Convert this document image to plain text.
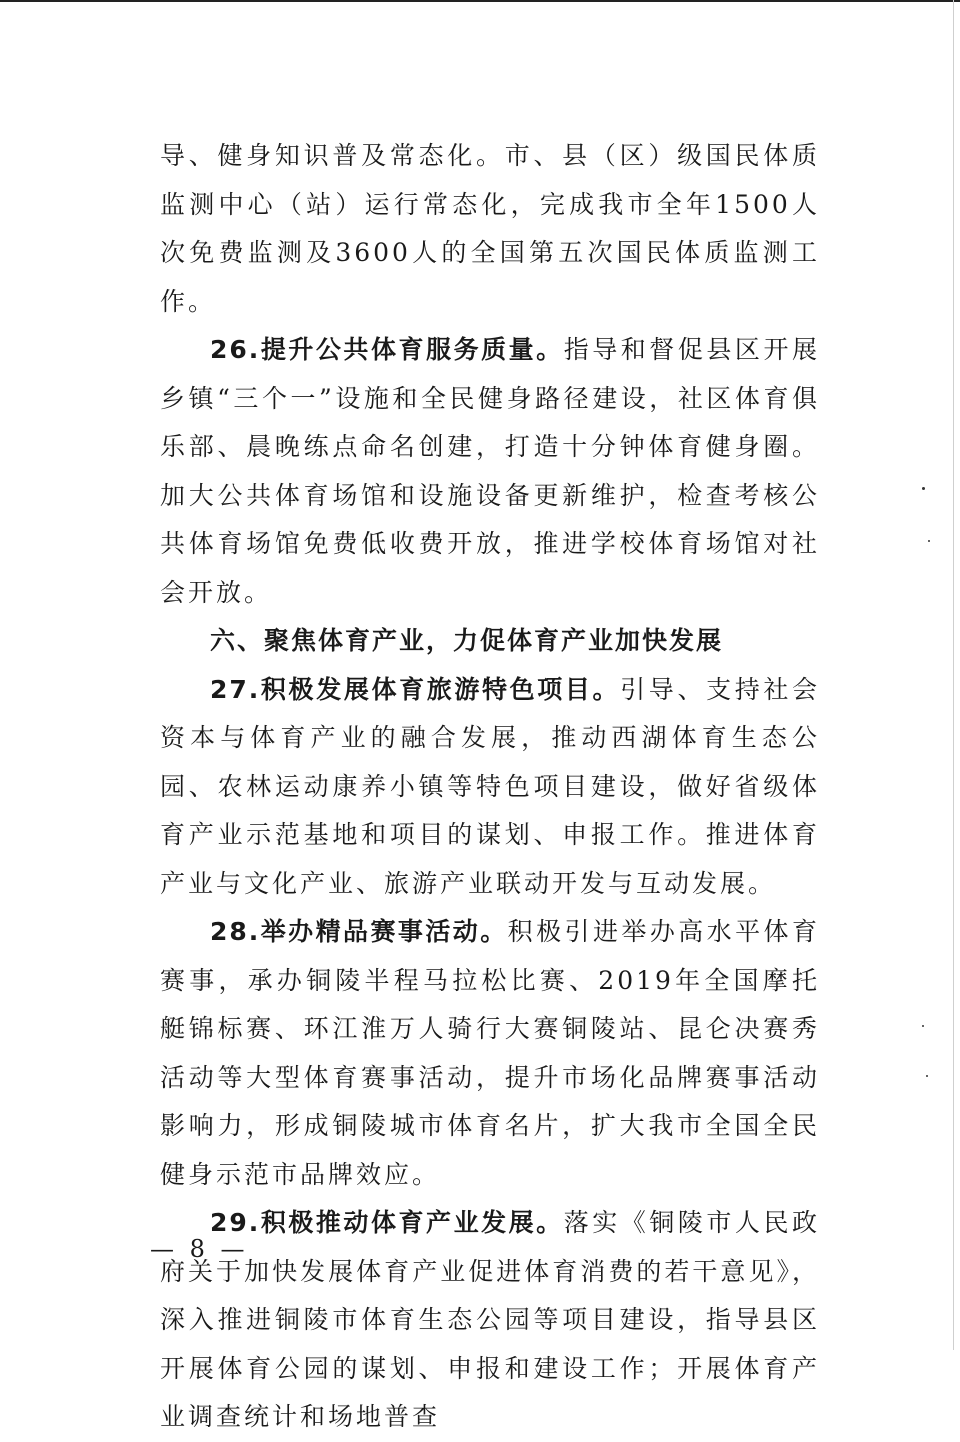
导、健身知识普及常态化。市、县（区）级国民体质监测中心（站）运行常态化，完成我市全年1500人次免费监测及3600人的全国第五次国民体质监测工作。

26.提升公共体育服务质量。指导和督促县区开展乡镇“三个一”设施和全民健身路径建设，社区体育俱乐部、晨晚练点命名创建，打造十分钟体育健身圈。加大公共体育场馆和设施设备更新维护，检查考核公共体育场馆免费低收费开放，推进学校体育场馆对社会开放。

六、聚焦体育产业，力促体育产业加快发展

27.积极发展体育旅游特色项目。引导、支持社会资本与体育产业的融合发展，推动西湖体育生态公园、农林运动康养小镇等特色项目建设，做好省级体育产业示范基地和项目的谋划、申报工作。推进体育产业与文化产业、旅游产业联动开发与互动发展。

28.举办精品赛事活动。积极引进举办高水平体育赛事，承办铜陵半程马拉松比赛、2019年全国摩托艇锦标赛、环江淮万人骑行大赛铜陵站、昆仑决赛秀活动等大型体育赛事活动，提升市场化品牌赛事活动影响力，形成铜陵城市体育名片，扩大我市全国全民健身示范市品牌效应。

29.积极推动体育产业发展。落实《铜陵市人民政府关于加快发展体育产业促进体育消费的若干意见》，深入推进铜陵市体育生态公园等项目建设，指导县区开展体育公园的谋划、申报和建设工作；开展体育产业调查统计和场地普查

— 8 —
